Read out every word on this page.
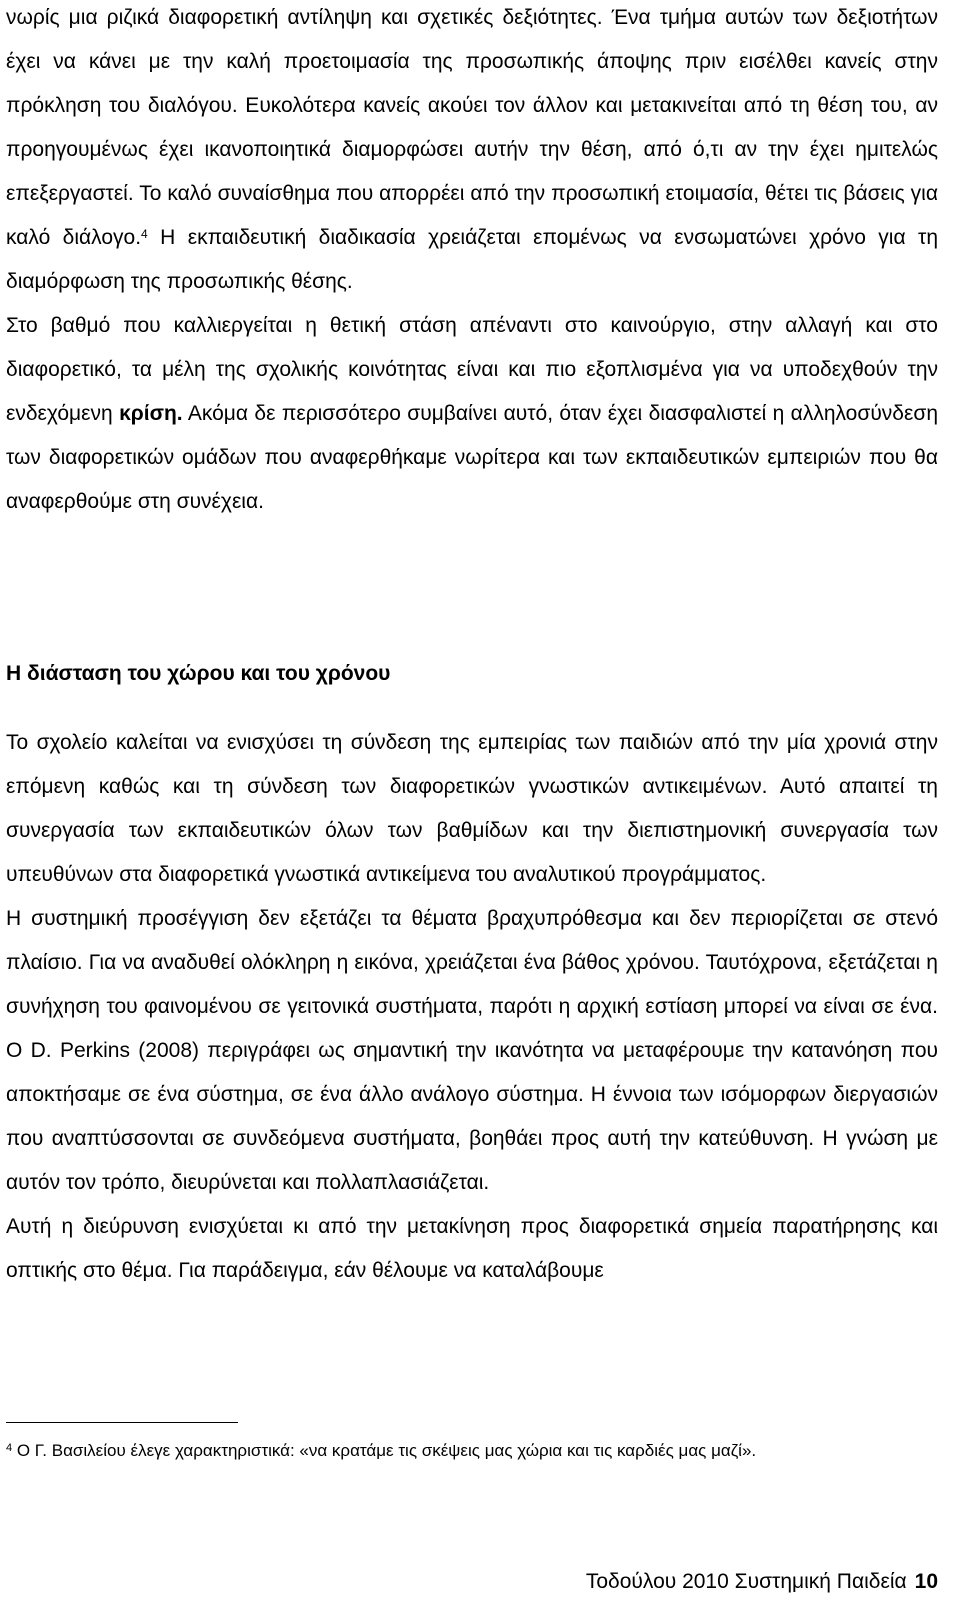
νωρίς μια ριζικά διαφορετική αντίληψη και σχετικές δεξιότητες. Ένα τμήμα αυτών των δεξιοτήτων έχει να κάνει με την καλή προετοιμασία της προσωπικής άποψης πριν εισέλθει κανείς στην πρόκληση του διαλόγου. Ευκολότερα κανείς ακούει τον άλλον και μετακινείται από τη θέση του, αν προηγουμένως έχει ικανοποιητικά διαμορφώσει αυτήν την θέση, από ό,τι αν την έχει ημιτελώς επεξεργαστεί. Το καλό συναίσθημα που απορρέει από την προσωπική ετοιμασία, θέτει τις βάσεις για καλό διάλογο.$^4$ Η εκπαιδευτική διαδικασία χρειάζεται επομένως να ενσωματώνει χρόνο για τη διαμόρφωση της προσωπικής θέσης.

Στο βαθμό που καλλιεργείται η θετική στάση απέναντι στο καινούργιο, στην αλλαγή και στο διαφορετικό, τα μέλη της σχολικής κοινότητας είναι και πιο εξοπλισμένα για να υποδεχθούν την ενδεχόμενη κρίση. Ακόμα δε περισσότερο συμβαίνει αυτό, όταν έχει διασφαλιστεί η αλληλοσύνδεση των διαφορετικών ομάδων που αναφερθήκαμε νωρίτερα και των εκπαιδευτικών εμπειριών που θα αναφερθούμε στη συνέχεια.

Η διάσταση του χώρου και του χρόνου

Το σχολείο καλείται να ενισχύσει τη σύνδεση της εμπειρίας των παιδιών από την μία χρονιά στην επόμενη καθώς και τη σύνδεση των διαφορετικών γνωστικών αντικειμένων. Αυτό απαιτεί τη συνεργασία των εκπαιδευτικών όλων των βαθμίδων και την διεπιστημονική συνεργασία των υπευθύνων στα διαφορετικά γνωστικά αντικείμενα του αναλυτικού προγράμματος.

Η συστημική προσέγγιση δεν εξετάζει τα θέματα βραχυπρόθεσμα και δεν περιορίζεται σε στενό πλαίσιο. Για να αναδυθεί ολόκληρη η εικόνα, χρειάζεται ένα βάθος χρόνου. Ταυτόχρονα, εξετάζεται η συνήχηση του φαινομένου σε γειτονικά συστήματα, παρότι η αρχική εστίαση μπορεί να είναι σε ένα. Ο D. Perkins (2008) περιγράφει ως σημαντική την ικανότητα να μεταφέρουμε την κατανόηση που αποκτήσαμε σε ένα σύστημα, σε ένα άλλο ανάλογο σύστημα. Η έννοια των ισόμορφων διεργασιών που αναπτύσσονται σε συνδεόμενα συστήματα, βοηθάει προς αυτή την κατεύθυνση. Η γνώση με αυτόν τον τρόπο, διευρύνεται και πολλαπλασιάζεται.

Αυτή η διεύρυνση ενισχύεται κι από την μετακίνηση προς διαφορετικά σημεία παρατήρησης και οπτικής στο θέμα. Για παράδειγμα, εάν θέλουμε να καταλάβουμε

$^4$ Ο Γ. Βασιλείου έλεγε χαρακτηριστικά: «να κρατάμε τις σκέψεις μας χώρια και τις καρδιές μας μαζί».

Τοδούλου 2010 Συστημική Παιδεία 10
